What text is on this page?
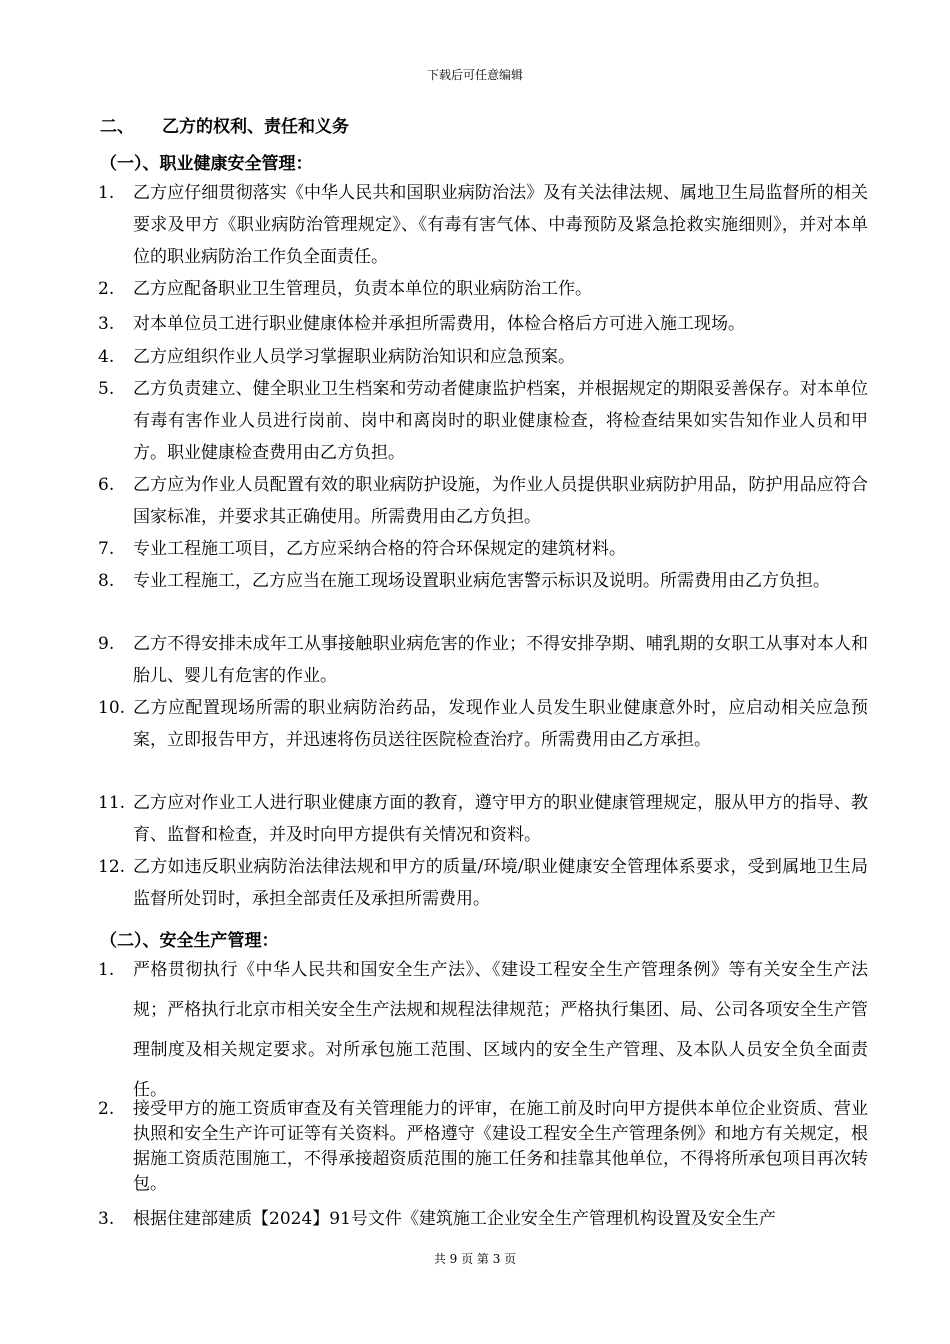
下载后可任意编辑
二、 乙方的权利、责任和义务
（一）、职业健康安全管理：
1. 乙方应仔细贯彻落实《中华人民共和国职业病防治法》及有关法律法规、属地卫生局监督所的相关要求及甲方《职业病防治管理规定》、《有毒有害气体、中毒预防及紧急抢救实施细则》，并对本单位的职业病防治工作负全面责任。
2. 乙方应配备职业卫生管理员，负责本单位的职业病防治工作。
3. 对本单位员工进行职业健康体检并承担所需费用，体检合格后方可进入施工现场。
4. 乙方应组织作业人员学习掌握职业病防治知识和应急预案。
5. 乙方负责建立、健全职业卫生档案和劳动者健康监护档案，并根据规定的期限妥善保存。对本单位有毒有害作业人员进行岗前、岗中和离岗时的职业健康检查，将检查结果如实告知作业人员和甲方。职业健康检查费用由乙方负担。
6. 乙方应为作业人员配置有效的职业病防护设施，为作业人员提供职业病防护用品，防护用品应符合国家标准，并要求其正确使用。所需费用由乙方负担。
7. 专业工程施工项目，乙方应采纳合格的符合环保规定的建筑材料。
8. 专业工程施工，乙方应当在施工现场设置职业病危害警示标识及说明。所需费用由乙方负担。
9. 乙方不得安排未成年工从事接触职业病危害的作业；不得安排孕期、哺乳期的女职工从事对本人和胎儿、婴儿有危害的作业。
10. 乙方应配置现场所需的职业病防治药品，发现作业人员发生职业健康意外时，应启动相关应急预案，立即报告甲方，并迅速将伤员送往医院检查治疗。所需费用由乙方承担。
11. 乙方应对作业工人进行职业健康方面的教育，遵守甲方的职业健康管理规定，服从甲方的指导、教育、监督和检查，并及时向甲方提供有关情况和资料。
12. 乙方如违反职业病防治法律法规和甲方的质量/环境/职业健康安全管理体系要求，受到属地卫生局监督所处罚时，承担全部责任及承担所需费用。
（二）、安全生产管理：
1. 严格贯彻执行《中华人民共和国安全生产法》、《建设工程安全生产管理条例》等有关安全生产法规；严格执行北京市相关安全生产法规和规程法律规范；严格执行集团、局、公司各项安全生产管理制度及相关规定要求。对所承包施工范围、区域内的安全生产管理、及本队人员安全负全面责任。
2. 接受甲方的施工资质审查及有关管理能力的评审，在施工前及时向甲方提供本单位企业资质、营业执照和安全生产许可证等有关资料。严格遵守《建设工程安全生产管理条例》和地方有关规定，根据施工资质范围施工，不得承接超资质范围的施工任务和挂靠其他单位，不得将所承包项目再次转包。
3. 根据住建部建质【2024】91号文件《建筑施工企业安全生产管理机构设置及安全生产
共 9 页 第 3 页
